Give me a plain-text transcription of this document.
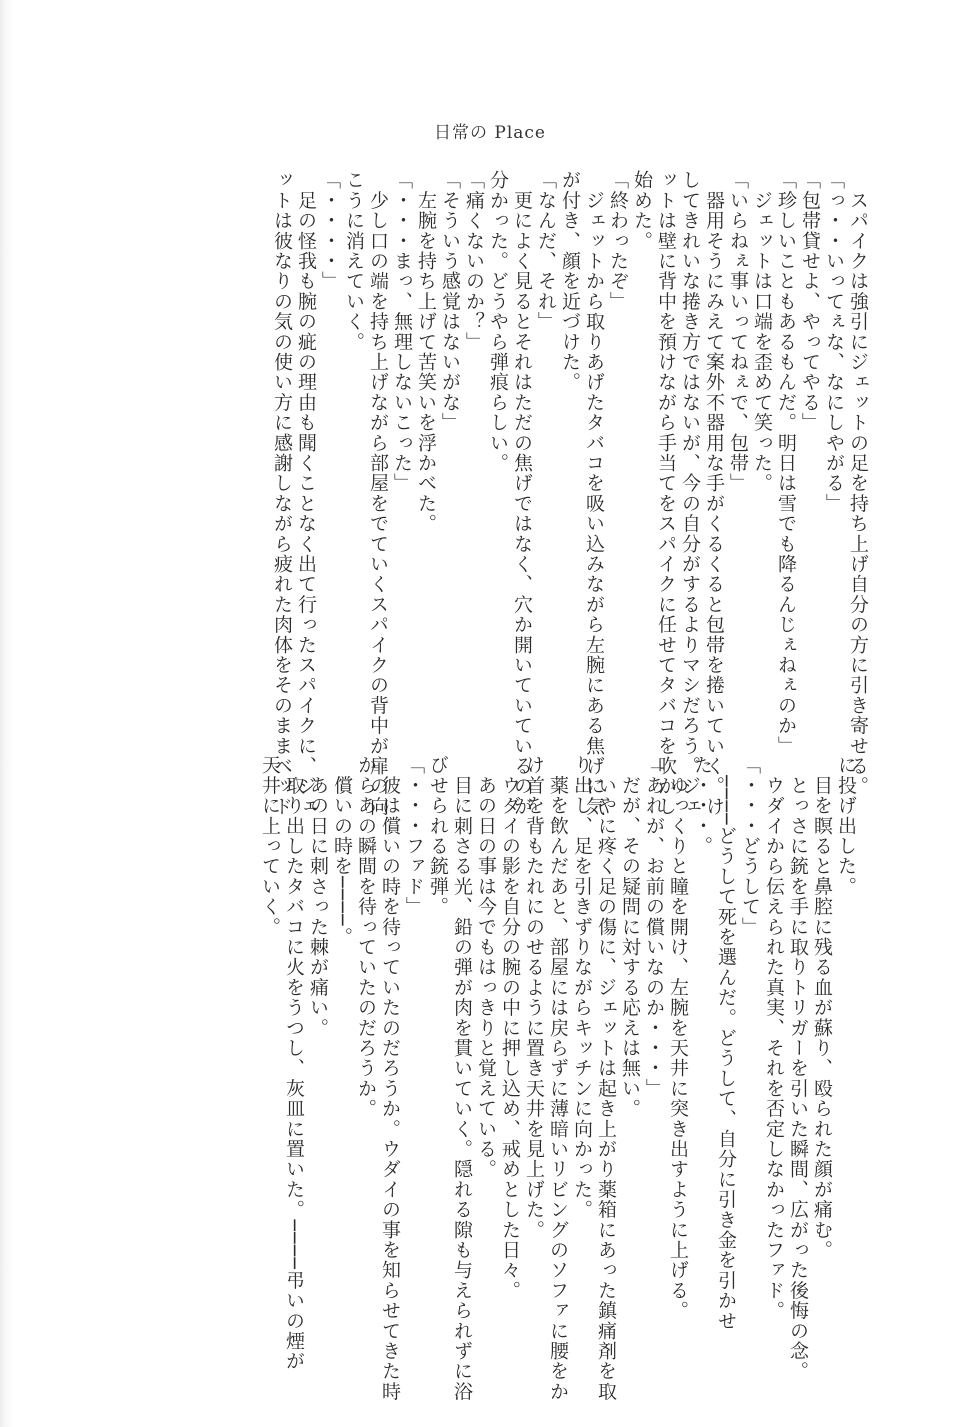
日常の Place
　スパイクは強引にジェットの足を持ち上げ自分の方に引き寄せる。
「っ・・いってぇな、なにしやがる」
「包帯貸せよ、やってやる」
「珍しいこともあるもんだ。明日は雪でも降るんじぇねぇのか」
　ジェットは口端を歪めて笑った。
「いらねぇ事いってねぇで、包帯」
　器用そうにみえて案外不器用な手がくるくると包帯を捲いていく。け
してきれいな捲き方ではないが、今の自分がするよりマシだろう。ジェ
ットは壁に背中を預けながら手当てをスパイクに任せてタバコを吹かし
始めた。
「終わったぞ」
　ジェットから取りあげたタバコを吸い込みながら左腕にある焦げに気
が付き、顔を近づけた。
「なんだ、それ」
　更によく見るとそれはただの焦げではなく、穴か開いていているのが
分かった。どうやら弾痕らしい。
「痛くないのか？」
「そういう感覚はないがな」
　左腕を持ち上げて苦笑いを浮かべた。
「・・・まっ、無理しないこった」
　少し口の端を持ち上げながら部屋をでていくスパイクの背中が扉の向
こうに消えていく。
「・・・・」
　足の怪我も腕の疵の理由も聞くことなく出て行ったスパイクに、ジェ
ットは彼なりの気の使い方に感謝しながら疲れた肉体をそのままベッド
に投げ出した。
　目を瞑ると鼻腔に残る血が蘇り、殴られた顔が痛む。
　とっさに銃を手に取りトリガーを引いた瞬間、広がった後悔の念。
　ウダイから伝えられた真実、それを否定しなかったファド。
「・・・どうして」
　────どうして死を選んだ。どうして、自分に引き金を引かせ
た・・・。
　ゆっくりと瞳を開け、左腕を天井に突き出すように上げる。
「あれが、お前の償いなのか・・・」
　だが、その疑問に対する応えは無い。
　いやに疼く足の傷に、ジェットは起き上がり薬箱にあった鎮痛剤を取
り出し、足を引きずりながらキッチンに向かった。
　薬を飲んだあと、部屋には戻らずに薄暗いリビングのソファに腰をか
け首を背もたれにのせるように置き天井を見上げた。
　ウダイの影を自分の腕の中に押し込め、戒めとした日々。
　あの日の事は今でもはっきりと覚えている。
　目に刺さる光、鉛の弾が肉を貫いていく。隠れる隙も与えられずに浴
びせられる銃弾。
「・・・ファド」
　彼は償いの時を待っていたのだろうか。ウダイの事を知らせてきた時
からあの瞬間を待っていたのだろうか。
　償いの時を────。
　あの日に刺さった棘が痛い。
　取り出したタバコに火をうつし、灰皿に置いた。────弔いの煙が
天井に上っていく。
